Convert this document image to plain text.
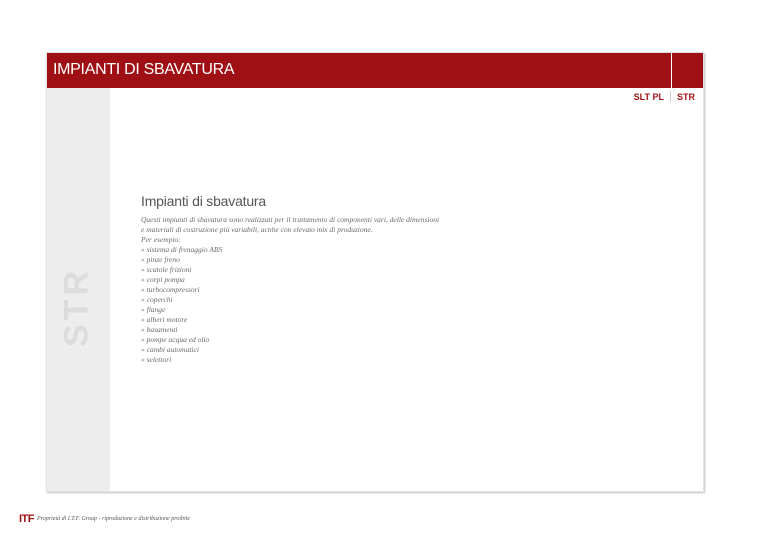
IMPIANTI DI SBAVATURA
STR
SLT PL	STR
Impianti di sbavatura
Questi impianti di sbavatura sono realizzati per il trattamento di componenti vari, delle dimensioni
e materiali di costruzione più variabili, acnhe con elevato mix di produzione.
Per esempio:
» sistema di frenaggio ABS
» pinze freno
» scatole frizioni
» corpi pompa
» turbocompressori
» coperchi
» flange
» alberi motore
» basamenti
» pompe acqua ed olio
» cambi automatici
» selettori
ITF Proprietà di I.T.F. Group - riproduzione e distribuzione proibite
